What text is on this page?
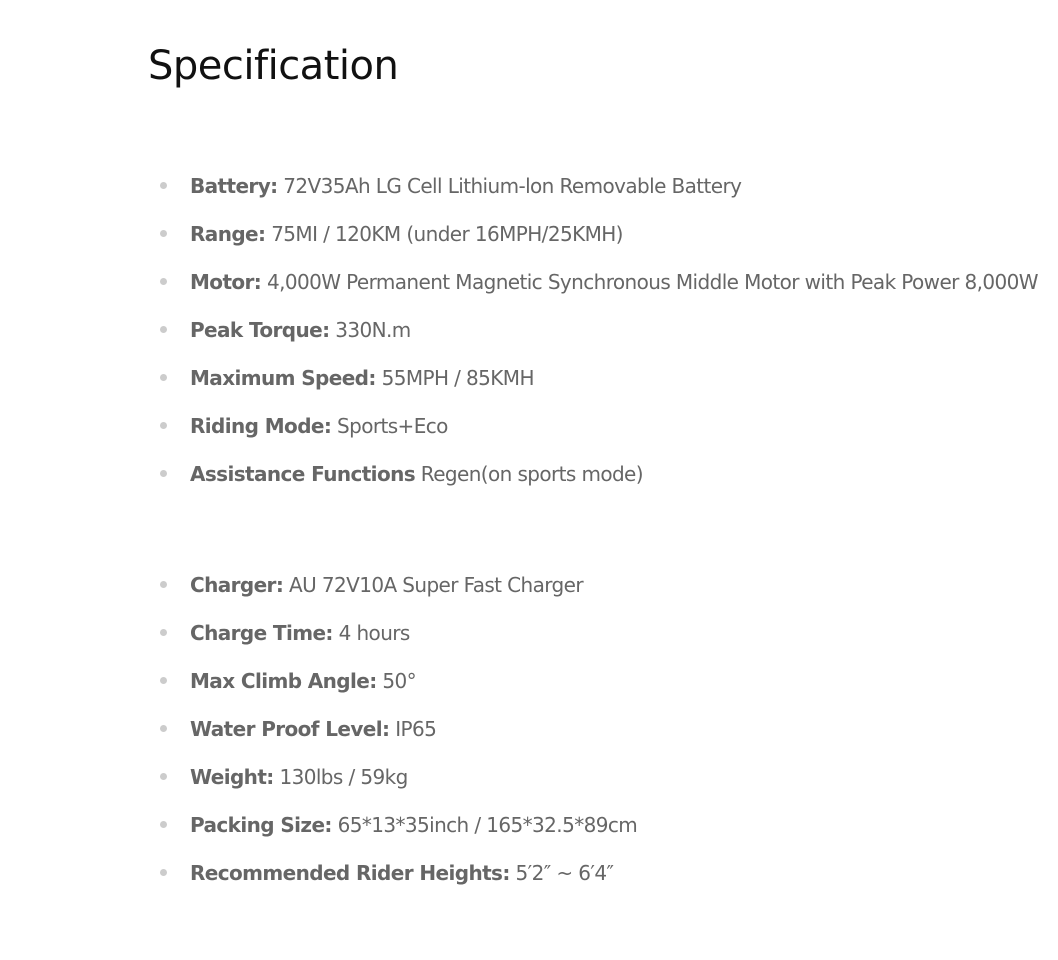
Specification
Battery: 72V35Ah LG Cell Lithium-lon Removable Battery
Range: 75MI / 120KM (under 16MPH/25KMH)
Motor: 4,000W Permanent Magnetic Synchronous Middle Motor with Peak Power 8,000W
Peak Torque: 330N.m
Maximum Speed: 55MPH / 85KMH
Riding Mode: Sports+Eco
Assistance Functions Regen(on sports mode)
Charger: AU 72V10A Super Fast Charger
Charge Time: 4 hours
Max Climb Angle: 50°
Water Proof Level: IP65
Weight: 130lbs / 59kg
Packing Size: 65*13*35inch / 165*32.5*89cm
Recommended Rider Heights: 5′2″ ~ 6′4″
